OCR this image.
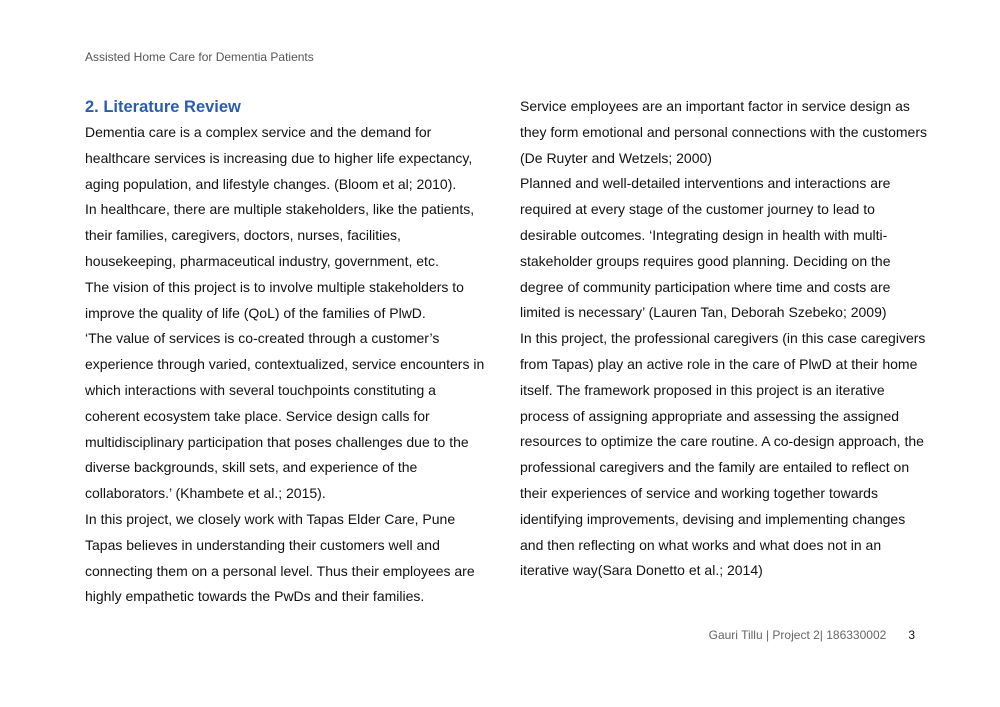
Assisted Home Care for Dementia Patients
2. Literature Review

Dementia care is a complex service and the demand for healthcare services is increasing due to higher life expectancy, aging population, and lifestyle changes. (Bloom et al; 2010).

In healthcare, there are multiple stakeholders, like the patients, their families, caregivers, doctors, nurses, facilities, housekeeping, pharmaceutical industry, government, etc.

The vision of this project is to involve multiple stakeholders to improve the quality of life (QoL) of the families of PlwD.

‘The value of services is co-created through a customer’s experience through varied, contextualized, service encounters in which interactions with several touchpoints constituting a coherent ecosystem take place. Service design calls for multidisciplinary participation that poses challenges due to the diverse backgrounds, skill sets, and experience of the collaborators.’ (Khambete et al.; 2015).

In this project, we closely work with Tapas Elder Care, Pune Tapas believes in understanding their customers well and connecting them on a personal level. Thus their employees are highly empathetic towards the PwDs and their families.

Service employees are an important factor in service design as they form emotional and personal connections with the customers (De Ruyter and Wetzels; 2000)

Planned and well-detailed interventions and interactions are required at every stage of the customer journey to lead to desirable outcomes. ‘Integrating design in health with multi-stakeholder groups requires good planning. Deciding on the degree of community participation where time and costs are limited is necessary’ (Lauren Tan, Deborah Szebeko; 2009)

In this project, the professional caregivers (in this case caregivers from Tapas) play an active role in the care of PlwD at their home itself. The framework proposed in this project is an iterative process of assigning appropriate and assessing the assigned resources to optimize the care routine. A co-design approach, the professional caregivers and the family are entailed to reflect on their experiences of service and working together towards identifying improvements, devising and implementing changes and then reflecting on what works and what does not in an iterative way(Sara Donetto et al.; 2014)

Gauri Tillu | Project 2| 186330002 3
